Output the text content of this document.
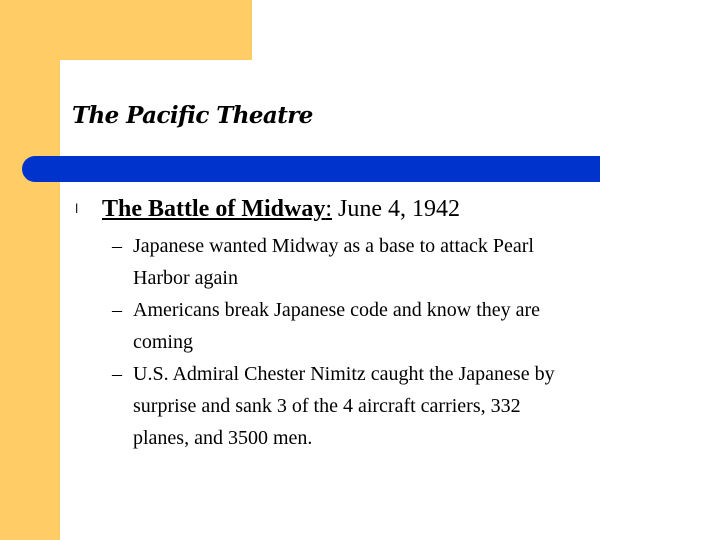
The Pacific Theatre
l The Battle of Midway: June 4, 1942
– Japanese wanted Midway as a base to attack Pearl
Harbor again
– Americans break Japanese code and know they are
coming
– U.S. Admiral Chester Nimitz caught the Japanese by
surprise and sank 3 of the 4 aircraft carriers, 332
planes, and 3500 men.
